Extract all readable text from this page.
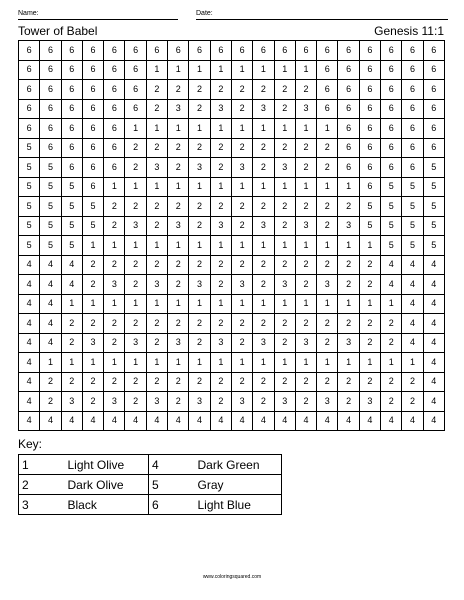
Name:	Date:
Tower of Babel	Genesis 11:1
6	6	6	6	6	6	6	6	6	6	6	6	6	6	6	6	6	6	6	6
6	6	6	6	6	6	1	1	1	1	1	1	1	1	6	6	6	6	6	6
6	6	6	6	6	6	2	2	2	2	2	2	2	2	6	6	6	6	6	6
6	6	6	6	6	6	2	3	2	3	2	3	2	3	6	6	6	6	6	6
6	6	6	6	6	1	1	1	1	1	1	1	1	1	1	6	6	6	6	6
5	6	6	6	6	2	2	2	2	2	2	2	2	2	2	6	6	6	6	6
5	5	6	6	6	2	3	2	3	2	3	2	3	2	2	6	6	6	6	5
5	5	5	6	1	1	1	1	1	1	1	1	1	1	1	1	6	5	5	5
5	5	5	5	2	2	2	2	2	2	2	2	2	2	2	2	5	5	5	5
5	5	5	5	2	3	2	3	2	3	2	3	2	3	2	3	5	5	5	5
5	5	5	1	1	1	1	1	1	1	1	1	1	1	1	1	1	5	5	5
4	4	4	2	2	2	2	2	2	2	2	2	2	2	2	2	2	4	4	4
4	4	4	2	3	2	3	2	3	2	3	2	3	2	3	2	2	4	4	4
4	4	1	1	1	1	1	1	1	1	1	1	1	1	1	1	1	1	4	4
4	4	2	2	2	2	2	2	2	2	2	2	2	2	2	2	2	2	4	4
4	4	2	3	2	3	2	3	2	3	2	3	2	3	2	3	2	2	4	4
4	1	1	1	1	1	1	1	1	1	1	1	1	1	1	1	1	1	1	4
4	2	2	2	2	2	2	2	2	2	2	2	2	2	2	2	2	2	2	4
4	2	3	2	3	2	3	2	3	2	3	2	3	2	3	2	3	2	2	4
4	4	4	4	4	4	4	4	4	4	4	4	4	4	4	4	4	4	4	4
Key:
1	Light Olive	4	Dark Green
2	Dark Olive	5	Gray
3	Black	6	Light Blue
www.coloringsquared.com
